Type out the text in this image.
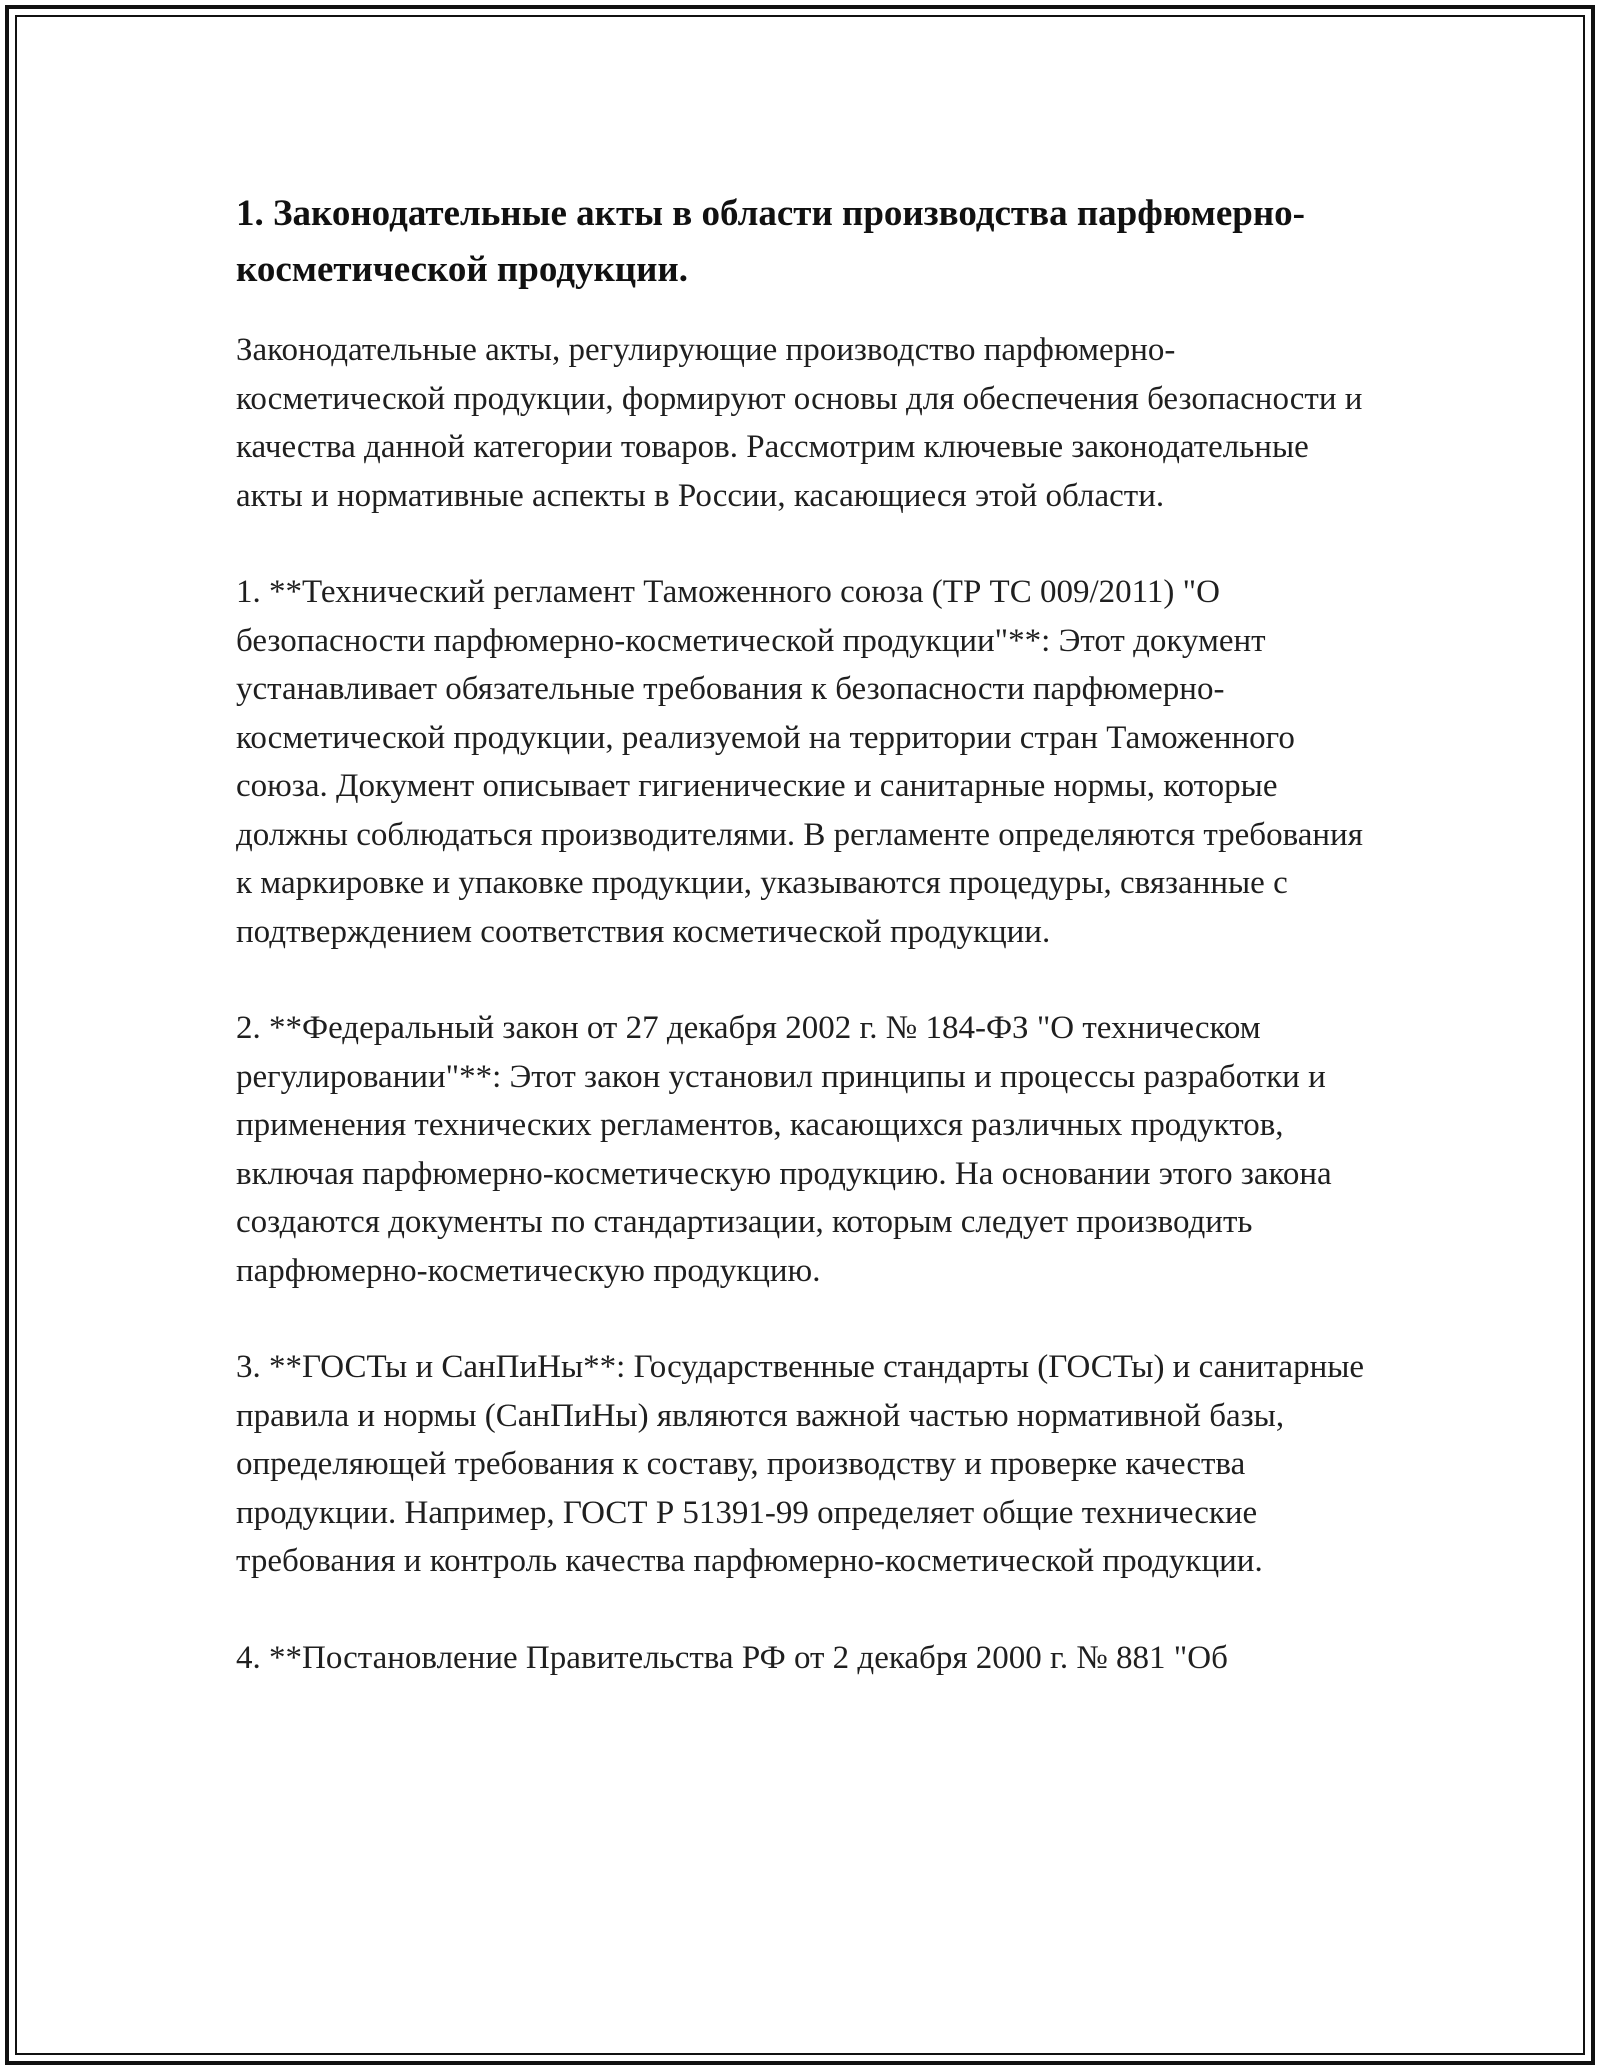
1. Законодательные акты в области производства парфюмерно-косметической продукции.

Законодательные акты, регулирующие производство парфюмерно-косметической продукции, формируют основы для обеспечения безопасности и качества данной категории товаров. Рассмотрим ключевые законодательные акты и нормативные аспекты в России, касающиеся этой области.

1. **Технический регламент Таможенного союза (ТР ТС 009/2011) "О безопасности парфюмерно-косметической продукции"**: Этот документ устанавливает обязательные требования к безопасности парфюмерно-косметической продукции, реализуемой на территории стран Таможенного союза. Документ описывает гигиенические и санитарные нормы, которые должны соблюдаться производителями. В регламенте определяются требования к маркировке и упаковке продукции, указываются процедуры, связанные с подтверждением соответствия косметической продукции.

2. **Федеральный закон от 27 декабря 2002 г. № 184-ФЗ "О техническом регулировании"**: Этот закон установил принципы и процессы разработки и применения технических регламентов, касающихся различных продуктов, включая парфюмерно-косметическую продукцию. На основании этого закона создаются документы по стандартизации, которым следует производить парфюмерно-косметическую продукцию.

3. **ГОСТы и СанПиНы**: Государственные стандарты (ГОСТы) и санитарные правила и нормы (СанПиНы) являются важной частью нормативной базы, определяющей требования к составу, производству и проверке качества продукции. Например, ГОСТ Р 51391-99 определяет общие технические требования и контроль качества парфюмерно-косметической продукции.

4. **Постановление Правительства РФ от 2 декабря 2000 г. № 881 "Об
